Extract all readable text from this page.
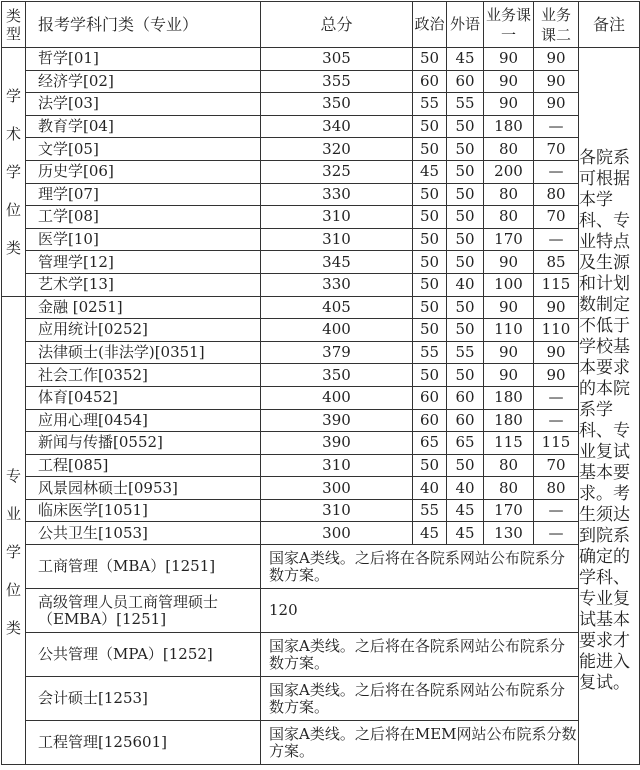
类型	报考学科门类（专业）	总分	政治	外语	业务课一	业务课二	备注

学术学位类	哲学[01]	305	50	45	90	90	各院系可根据本学科、专业特点及生源和计划数制定不低于学校基本要求的本院系学科、专业复试基本要求。考生须达到院系确定的学科、专业复试基本要求才能进入复试。

	经济学[02]	355	60	60	90	90	
	法学[03]	350	55	55	90	90	
	教育学[04]	340	50	50	180	—	
	文学[05]	320	50	50	80	70	
	历史学[06]	325	45	50	200	—	
	理学[07]	330	50	50	80	80	
	工学[08]	310	50	50	80	70	
	医学[10]	310	50	50	170	—	
	管理学[12]	345	50	50	90	85	
	艺术学[13]	330	50	40	100	115	

专业学位类	金融 [0251]	405	50	50	90	90	
	应用统计[0252]	400	50	50	110	110	
	法律硕士(非法学)[0351]	379	55	55	90	90	
	社会工作[0352]	350	50	50	90	90	
	体育[0452]	400	60	60	180	—	
	应用心理[0454]	390	60	60	180	—	
	新闻与传播[0552]	390	65	65	115	115	
	工程[085]	310	50	50	80	70	
	风景园林硕士[0953]	300	40	40	80	80	
	临床医学[1051]	310	55	45	170	—	
	公共卫生[1053]	300	45	45	130	—	
	工商管理（MBA）[1251]	国家A类线。之后将在各院系网站公布院系分数方案。					
	高级管理人员工商管理硕士（EMBA）[1251]	120					
	公共管理（MPA）[1252]	国家A类线。之后将在各院系网站公布院系分数方案。					
	会计硕士[1253]	国家A类线。之后将在各院系网站公布院系分数方案。					
	工程管理[125601]	国家A类线。之后将在MEM网站公布院系分数方案。					
